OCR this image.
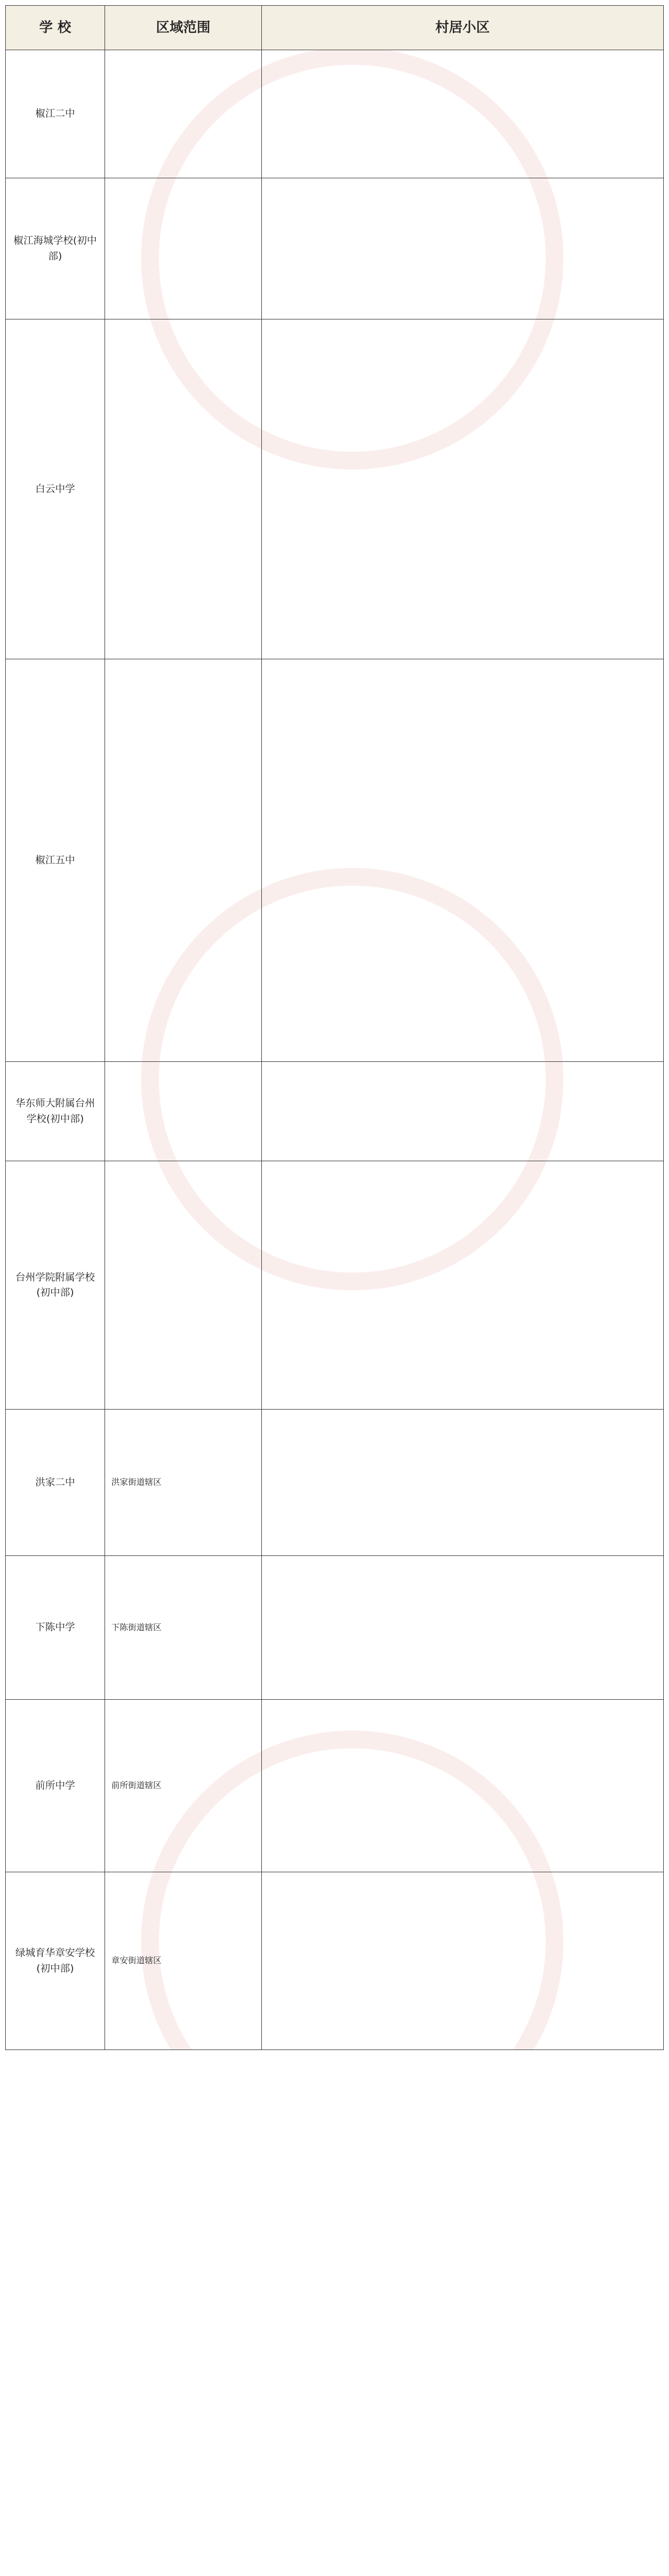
学 校	区域范围	村居小区
椒江二中		
椒江海城学校(初中部)		
白云中学		
椒江五中		
华东师大附属台州学校(初中部)		
台州学院附属学校(初中部)		
洪家二中	洪家街道辖区	
下陈中学	下陈街道辖区	
前所中学	前所街道辖区	
绿城育华章安学校(初中部)	章安街道辖区	
